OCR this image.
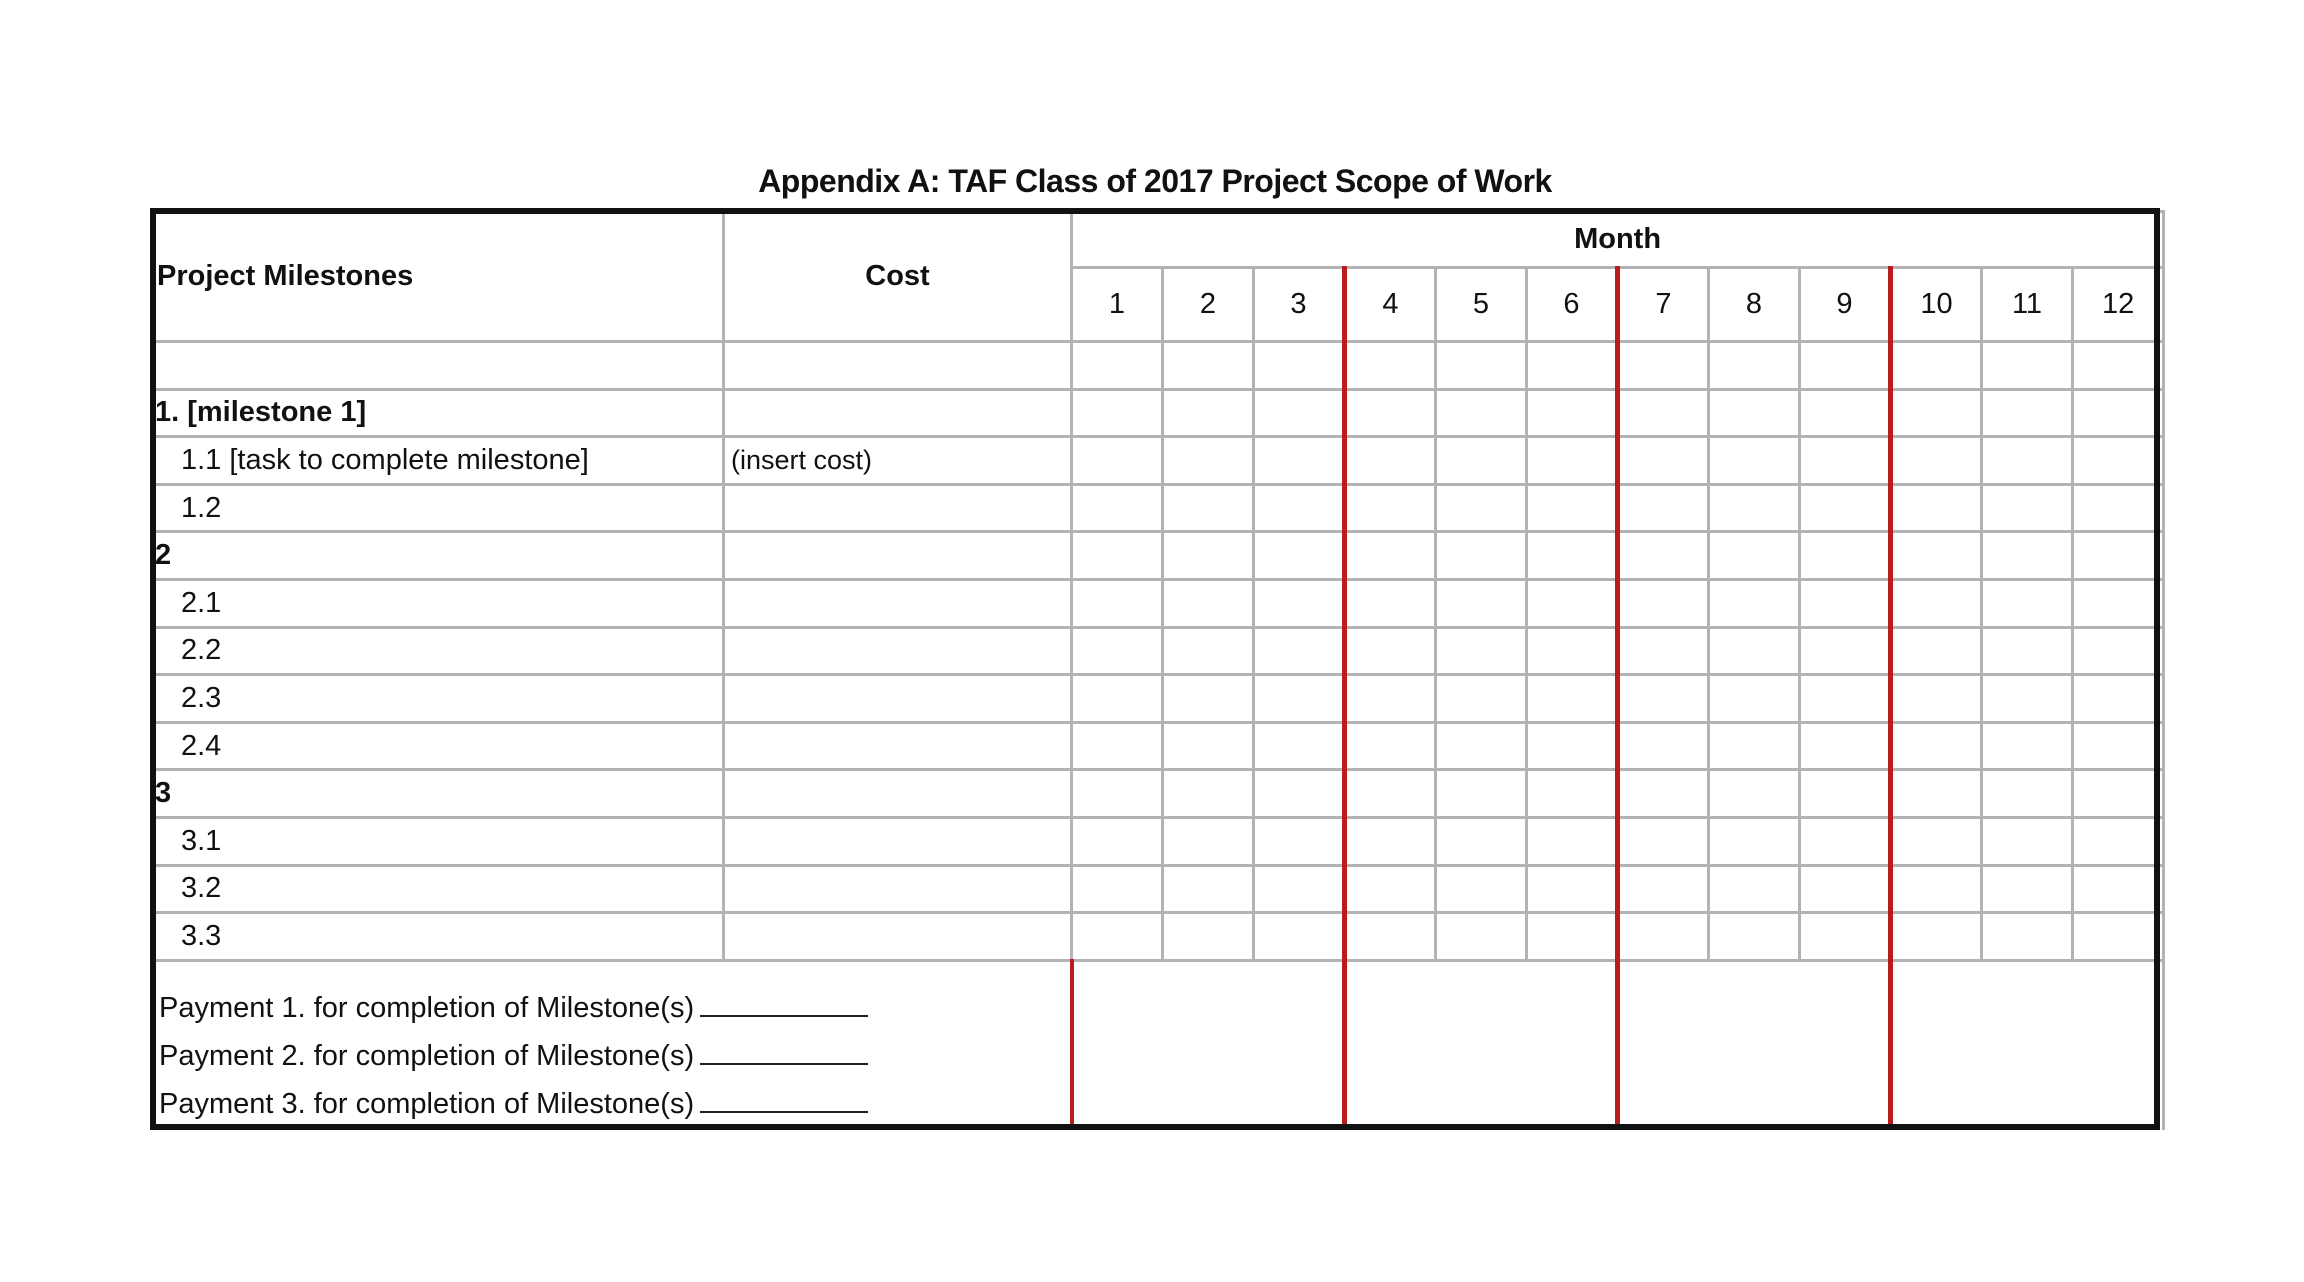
Appendix A: TAF Class of 2017 Project Scope of Work
Project Milestones	Cost	Month											
		1	2	3	4	5	6	7	8	9	10	11	12

1. [milestone 1]													
1.1 [task to complete milestone]	(insert cost)												
1.2													
2													
2.1													
2.2													
2.3													
2.4													
3													
3.1													
3.2													
3.3													

Payment 1. for completion of Milestone(s)
Payment 2. for completion of Milestone(s)
Payment 3. for completion of Milestone(s)													
